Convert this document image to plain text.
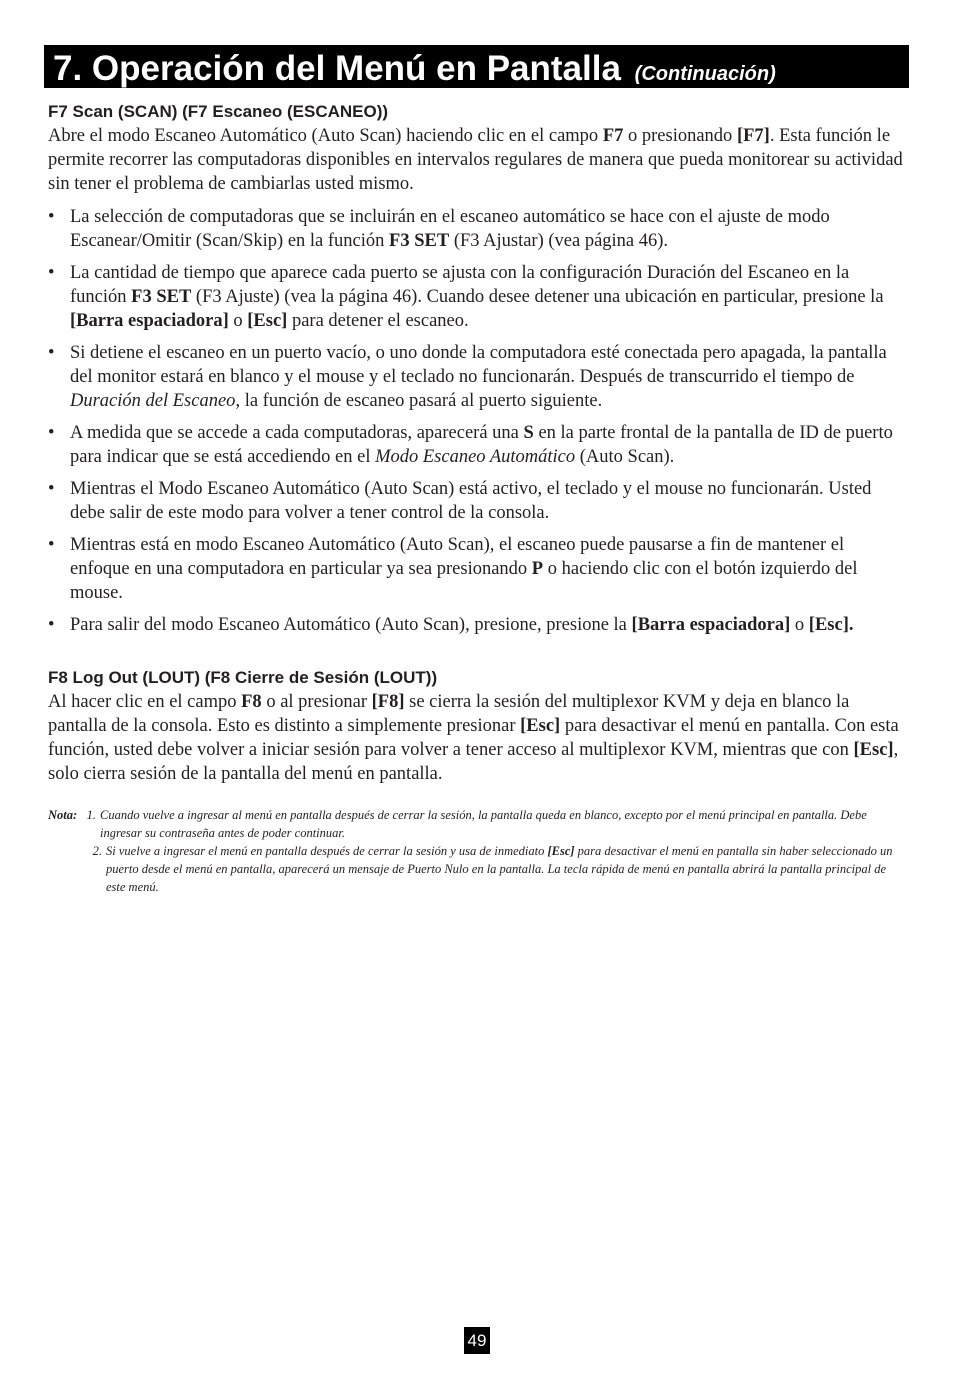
7. Operación del Menú en Pantalla (Continuación)
F7 Scan (SCAN) (F7 Escaneo (ESCANEO))

Abre el modo Escaneo Automático (Auto Scan) haciendo clic en el campo F7 o presionando [F7]. Esta función le permite recorrer las computadoras disponibles en intervalos regulares de manera que pueda monitorear su actividad sin tener el problema de cambiarlas usted mismo.

• La selección de computadoras que se incluirán en el escaneo automático se hace con el ajuste de modo Escanear/Omitir (Scan/Skip) en la función F3 SET (F3 Ajustar) (vea página 46).
• La cantidad de tiempo que aparece cada puerto se ajusta con la configuración Duración del Escaneo en la función F3 SET (F3 Ajuste) (vea la página 46). Cuando desee detener una ubicación en particular, presione la [Barra espaciadora] o [Esc] para detener el escaneo.
• Si detiene el escaneo en un puerto vacío, o uno donde la computadora esté conectada pero apagada, la pantalla del monitor estará en blanco y el mouse y el teclado no funcionarán. Después de transcurrido el tiempo de Duración del Escaneo, la función de escaneo pasará al puerto siguiente.
• A medida que se accede a cada computadoras, aparecerá una S en la parte frontal de la pantalla de ID de puerto para indicar que se está accediendo en el Modo Escaneo Automático (Auto Scan).
• Mientras el Modo Escaneo Automático (Auto Scan) está activo, el teclado y el mouse no funcionarán. Usted debe salir de este modo para volver a tener control de la consola.
• Mientras está en modo Escaneo Automático (Auto Scan), el escaneo puede pausarse a fin de mantener el enfoque en una computadora en particular ya sea presionando P o haciendo clic con el botón izquierdo del mouse.
• Para salir del modo Escaneo Automático (Auto Scan), presione, presione la [Barra espaciadora] o [Esc].
F8 Log Out (LOUT) (F8 Cierre de Sesión (LOUT))

Al hacer clic en el campo F8 o al presionar [F8] se cierra la sesión del multiplexor KVM y deja en blanco la pantalla de la consola. Esto es distinto a simplemente presionar [Esc] para desactivar el menú en pantalla. Con esta función, usted debe volver a iniciar sesión para volver a tener acceso al multiplexor KVM, mientras que con [Esc], solo cierra sesión de la pantalla del menú en pantalla.

Nota: 1. Cuando vuelve a ingresar al menú en pantalla después de cerrar la sesión, la pantalla queda en blanco, excepto por el menú principal en pantalla. Debe ingresar su contraseña antes de poder continuar.
2. Si vuelve a ingresar el menú en pantalla después de cerrar la sesión y usa de inmediato [Esc] para desactivar el menú en pantalla sin haber seleccionado un puerto desde el menú en pantalla, aparecerá un mensaje de Puerto Nulo en la pantalla. La tecla rápida de menú en pantalla abrirá la pantalla principal de este menú.
49
